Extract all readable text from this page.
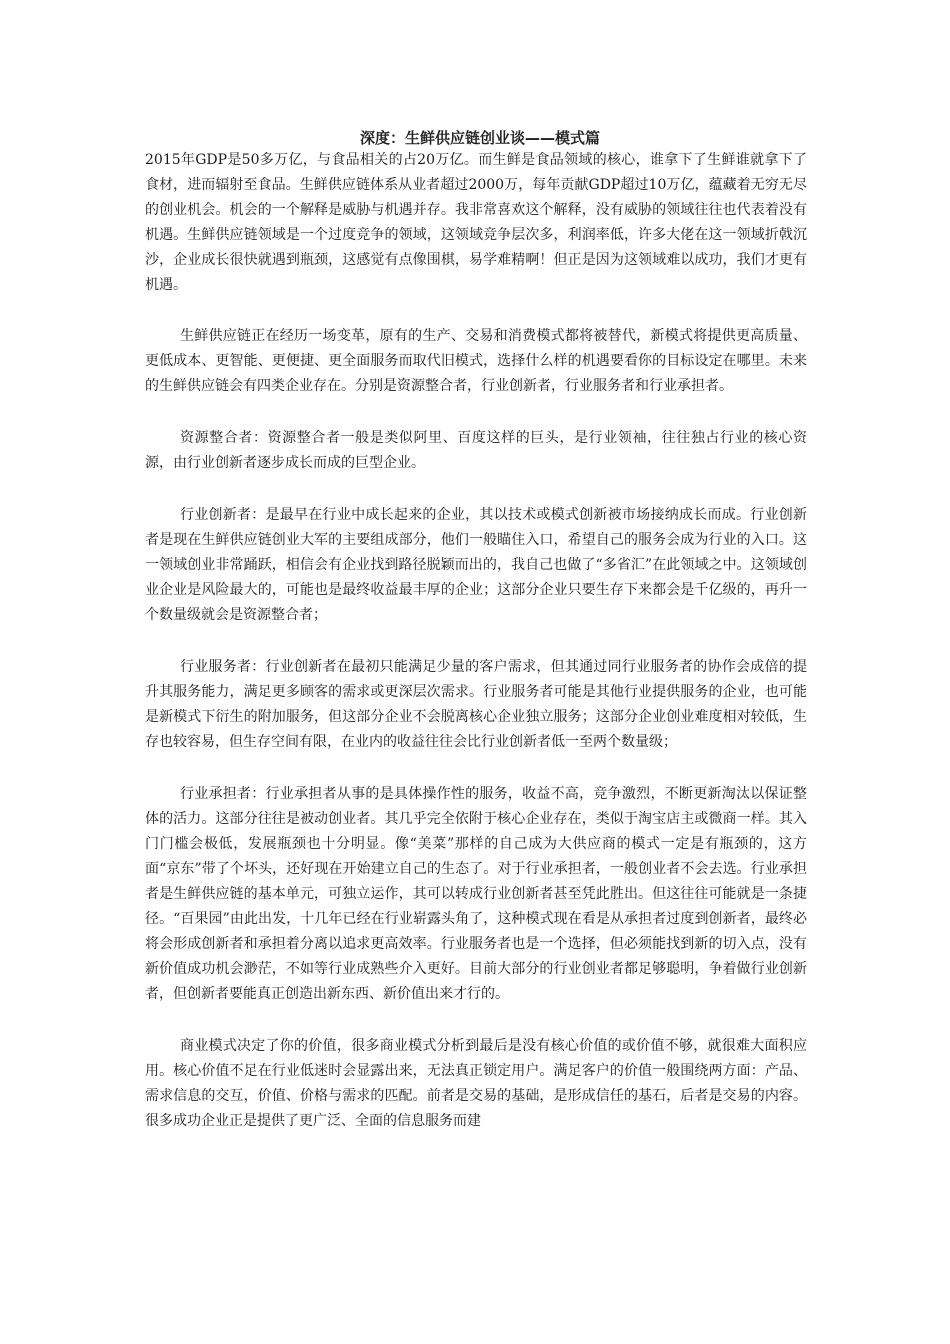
深度：生鲜供应链创业谈——模式篇

2015年GDP是50多万亿，与食品相关的占20万亿。而生鲜是食品领域的核心，谁拿下了生鲜谁就拿下了食材，进而辐射至食品。生鲜供应链体系从业者超过2000万，每年贡献GDP超过10万亿，蕴藏着无穷无尽的创业机会。机会的一个解释是威胁与机遇并存。我非常喜欢这个解释，没有威胁的领域往往也代表着没有机遇。生鲜供应链领域是一个过度竞争的领域，这领域竞争层次多，利润率低，许多大佬在这一领域折戟沉沙，企业成长很快就遇到瓶颈，这感觉有点像围棋，易学难精啊！但正是因为这领域难以成功，我们才更有机遇。

生鲜供应链正在经历一场变革，原有的生产、交易和消费模式都将被替代，新模式将提供更高质量、更低成本、更智能、更便捷、更全面服务而取代旧模式，选择什么样的机遇要看你的目标设定在哪里。未来的生鲜供应链会有四类企业存在。分别是资源整合者，行业创新者，行业服务者和行业承担者。

资源整合者：资源整合者一般是类似阿里、百度这样的巨头，是行业领袖，往往独占行业的核心资源，由行业创新者逐步成长而成的巨型企业。

行业创新者：是最早在行业中成长起来的企业，其以技术或模式创新被市场接纳成长而成。行业创新者是现在生鲜供应链创业大军的主要组成部分，他们一般瞄住入口，希望自己的服务会成为行业的入口。这一领域创业非常踊跃，相信会有企业找到路径脱颖而出的，我自己也做了“多省汇”在此领域之中。这领域创业企业是风险最大的，可能也是最终收益最丰厚的企业；这部分企业只要生存下来都会是千亿级的，再升一个数量级就会是资源整合者；

行业服务者：行业创新者在最初只能满足少量的客户需求，但其通过同行业服务者的协作会成倍的提升其服务能力，满足更多顾客的需求或更深层次需求。行业服务者可能是其他行业提供服务的企业，也可能是新模式下衍生的附加服务，但这部分企业不会脱离核心企业独立服务；这部分企业创业难度相对较低，生存也较容易，但生存空间有限，在业内的收益往往会比行业创新者低一至两个数量级；

行业承担者：行业承担者从事的是具体操作性的服务，收益不高，竞争激烈，不断更新淘汰以保证整体的活力。这部分往往是被动创业者。其几乎完全依附于核心企业存在，类似于淘宝店主或微商一样。其入门门槛会极低，发展瓶颈也十分明显。像“美菜”那样的自己成为大供应商的模式一定是有瓶颈的，这方面“京东”带了个坏头，还好现在开始建立自己的生态了。对于行业承担者，一般创业者不会去选。行业承担者是生鲜供应链的基本单元，可独立运作，其可以转成行业创新者甚至凭此胜出。但这往往可能就是一条捷径。“百果园”由此出发，十几年已经在行业崭露头角了，这种模式现在看是从承担者过度到创新者，最终必将会形成创新者和承担着分离以追求更高效率。行业服务者也是一个选择，但必须能找到新的切入点，没有新价值成功机会渺茫，不如等行业成熟些介入更好。目前大部分的行业创业者都足够聪明，争着做行业创新者，但创新者要能真正创造出新东西、新价值出来才行的。

商业模式决定了你的价值，很多商业模式分析到最后是没有核心价值的或价值不够，就很难大面积应用。核心价值不足在行业低迷时会显露出来，无法真正锁定用户。满足客户的价值一般围绕两方面：产品、需求信息的交互，价值、价格与需求的匹配。前者是交易的基础，是形成信任的基石，后者是交易的内容。很多成功企业正是提供了更广泛、全面的信息服务而建
